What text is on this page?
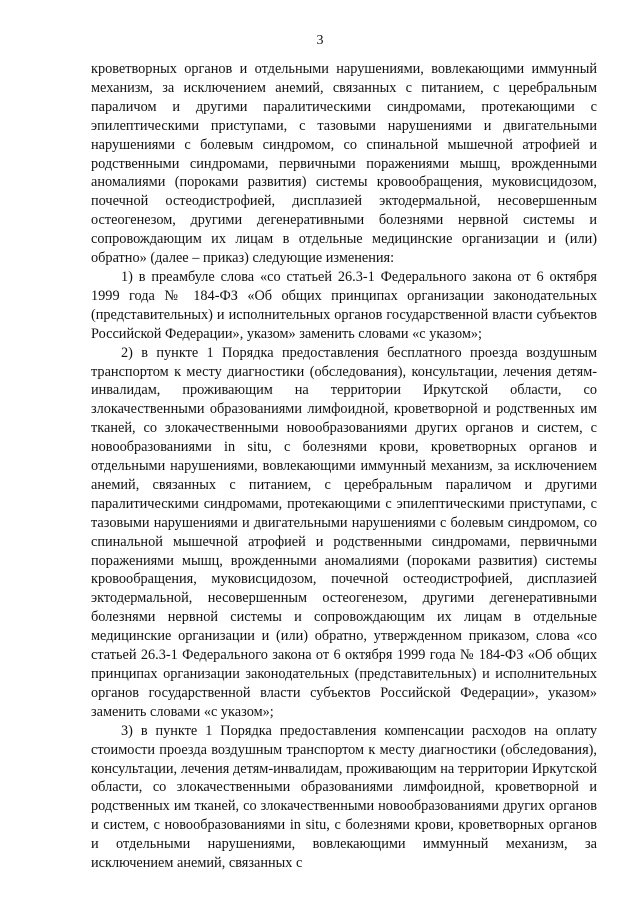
3

кроветворных органов и отдельными нарушениями, вовлекающими иммунный механизм, за исключением анемий, связанных с питанием, с церебральным параличом и другими паралитическими синдромами, протекающими с эпилептическими приступами, с тазовыми нарушениями и двигательными нарушениями с болевым синдромом, со спинальной мышечной атрофией и родственными синдромами, первичными поражениями мышц, врожденными аномалиями (пороками развития) системы кровообращения, муковисцидозом, почечной остеодистрофией, дисплазией эктодермальной, несовершенным остеогенезом, другими дегенеративными болезнями нервной системы и сопровождающим их лицам в отдельные медицинские организации и (или) обратно» (далее – приказ) следующие изменения:

1) в преамбуле слова «со статьей 26.3-1 Федерального закона от 6 октября 1999 года № 184-ФЗ «Об общих принципах организации законодательных (представительных) и исполнительных органов государственной власти субъектов Российской Федерации», указом» заменить словами «с указом»;

2) в пункте 1 Порядка предоставления бесплатного проезда воздушным транспортом к месту диагностики (обследования), консультации, лечения детям-инвалидам, проживающим на территории Иркутской области, со злокачественными образованиями лимфоидной, кроветворной и родственных им тканей, со злокачественными новообразованиями других органов и систем, с новообразованиями in situ, с болезнями крови, кроветворных органов и отдельными нарушениями, вовлекающими иммунный механизм, за исключением анемий, связанных с питанием, с церебральным параличом и другими паралитическими синдромами, протекающими с эпилептическими приступами, с тазовыми нарушениями и двигательными нарушениями с болевым синдромом, со спинальной мышечной атрофией и родственными синдромами, первичными поражениями мышц, врожденными аномалиями (пороками развития) системы кровообращения, муковисцидозом, почечной остеодистрофией, дисплазией эктодермальной, несовершенным остеогенезом, другими дегенеративными болезнями нервной системы и сопровождающим их лицам в отдельные медицинские организации и (или) обратно, утвержденном приказом, слова «со статьей 26.3-1 Федерального закона от 6 октября 1999 года № 184-ФЗ «Об общих принципах организации законодательных (представительных) и исполнительных органов государственной власти субъектов Российской Федерации», указом» заменить словами «с указом»;

3) в пункте 1 Порядка предоставления компенсации расходов на оплату стоимости проезда воздушным транспортом к месту диагностики (обследования), консультации, лечения детям-инвалидам, проживающим на территории Иркутской области, со злокачественными образованиями лимфоидной, кроветворной и родственных им тканей, со злокачественными новообразованиями других органов и систем, с новообразованиями in situ, с болезнями крови, кроветворных органов и отдельными нарушениями, вовлекающими иммунный механизм, за исключением анемий, связанных с
